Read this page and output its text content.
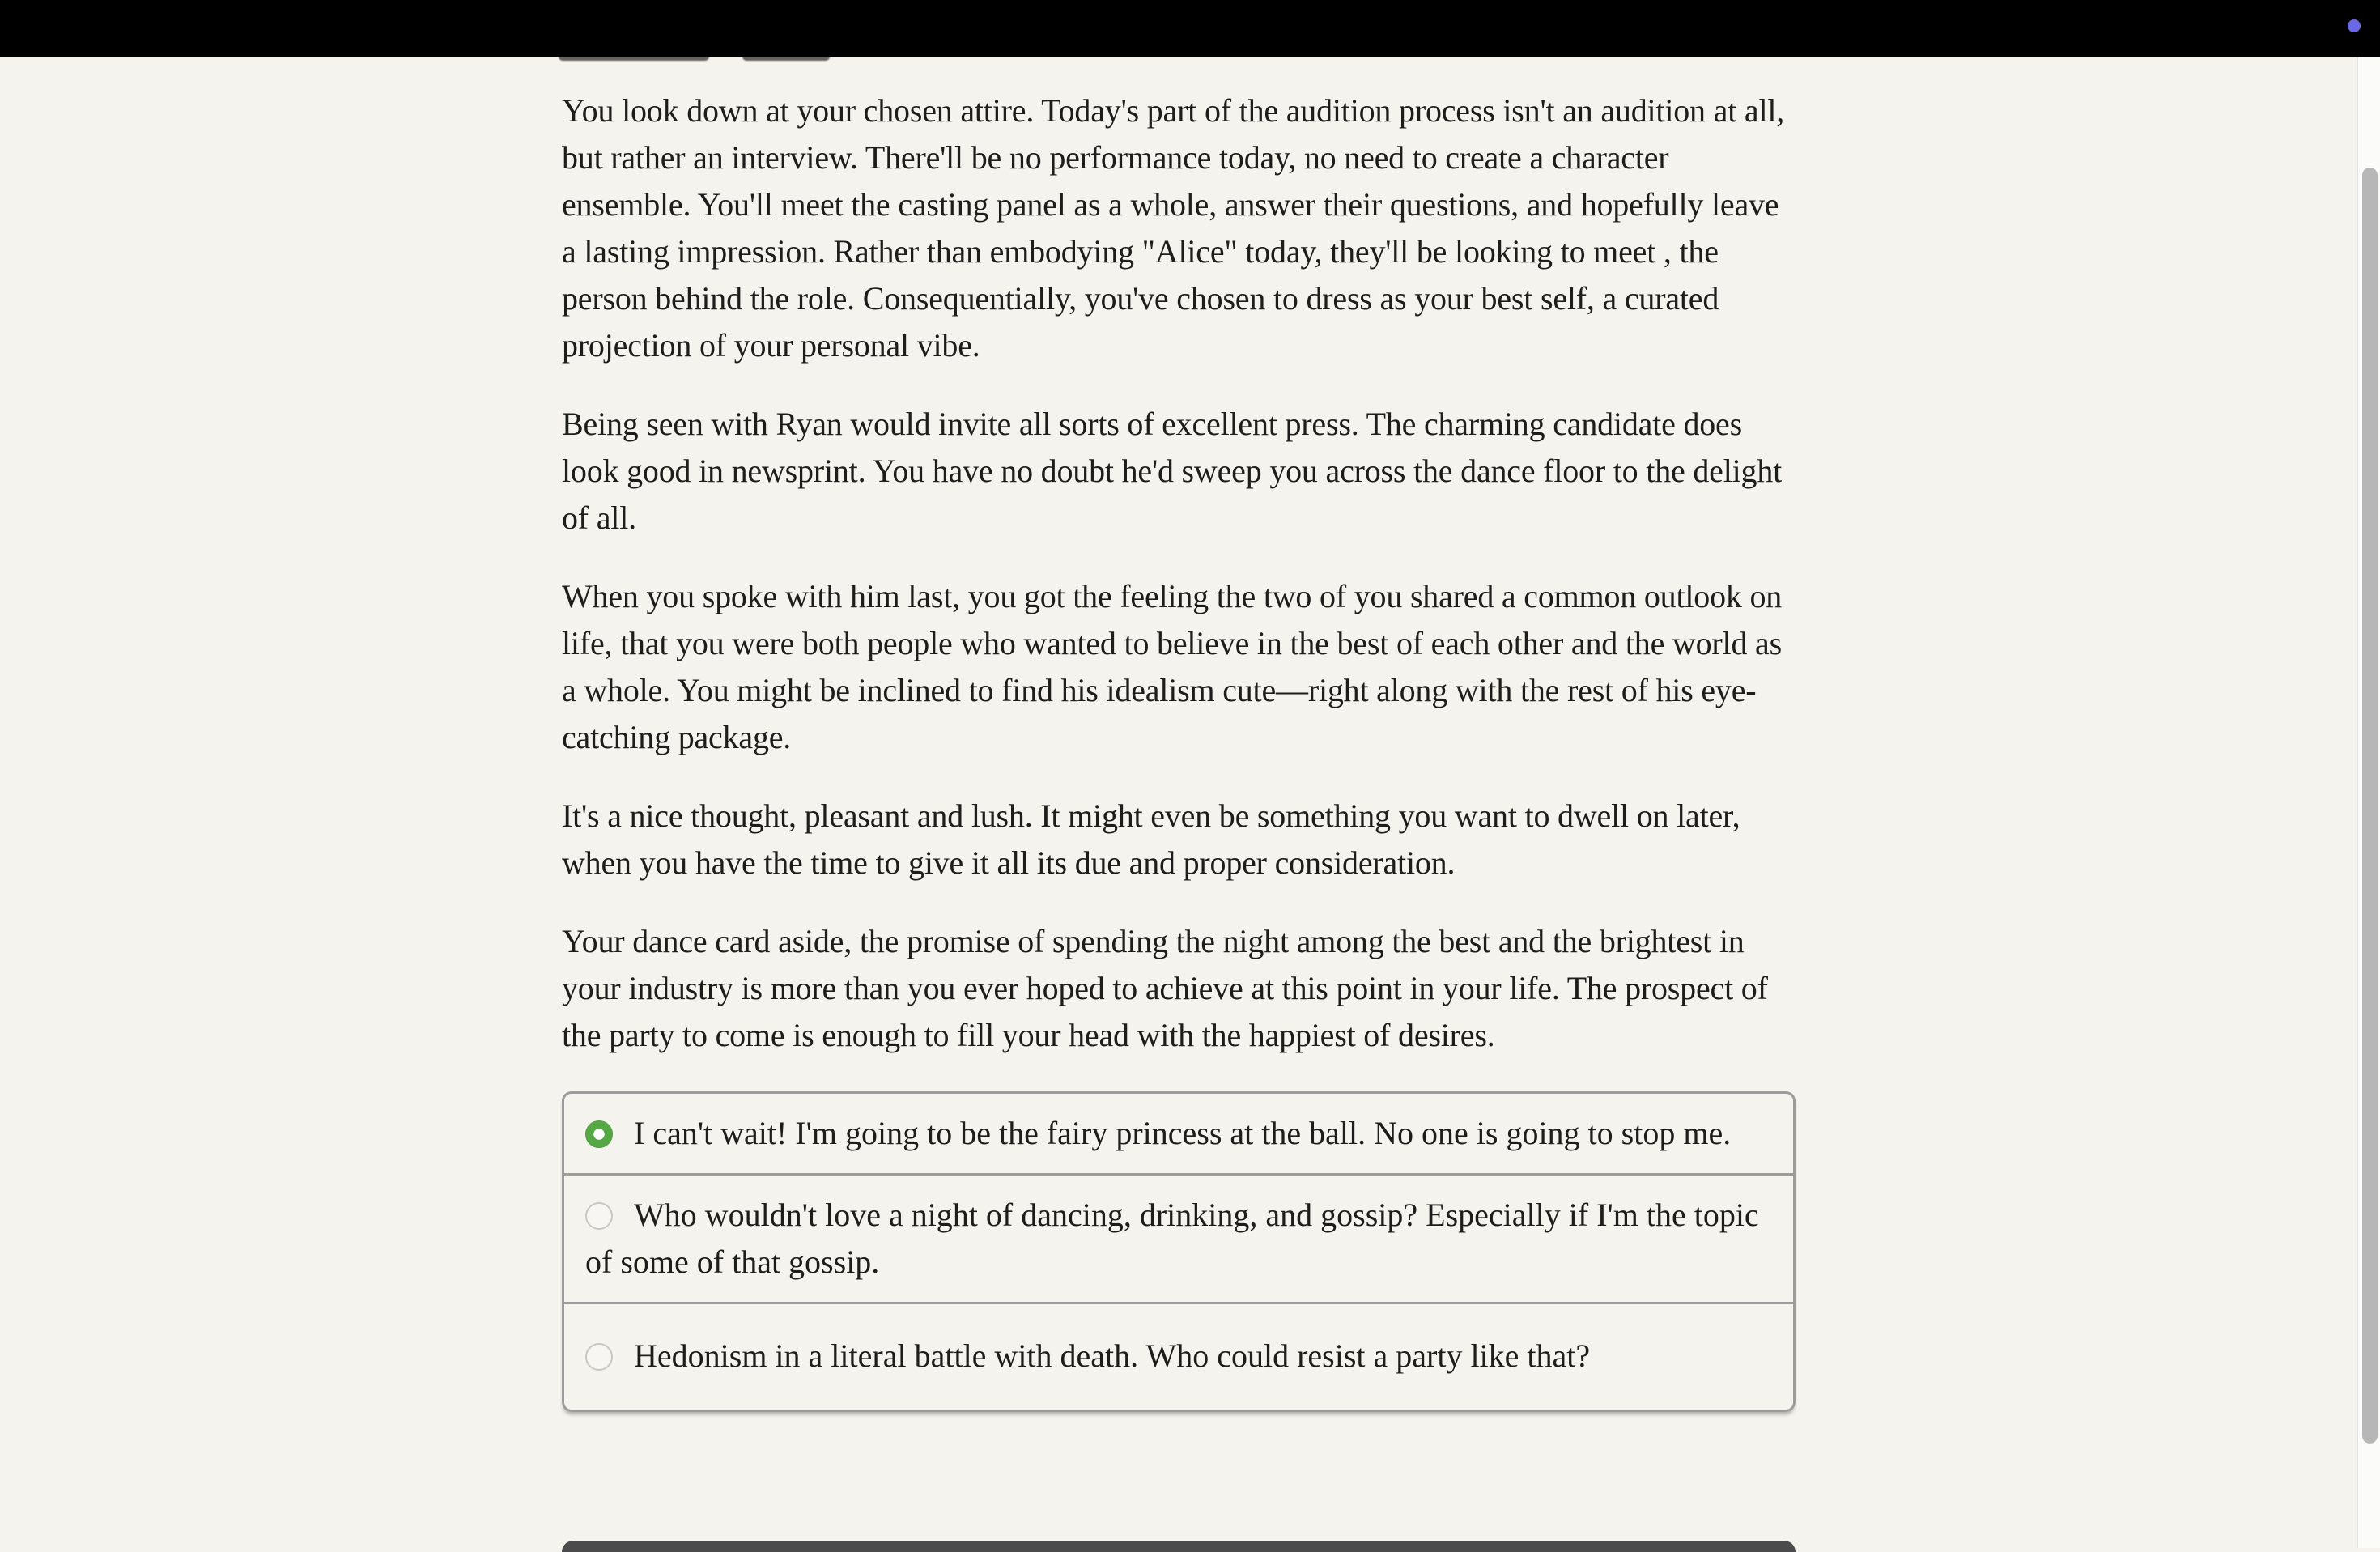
You look down at your chosen attire. Today's part of the audition process isn't an audition at all, but rather an interview. There'll be no performance today, no need to create a character ensemble. You'll meet the casting panel as a whole, answer their questions, and hopefully leave a lasting impression. Rather than embodying "Alice" today, they'll be looking to meet , the person behind the role. Consequentially, you've chosen to dress as your best self, a curated projection of your personal vibe.

Being seen with Ryan would invite all sorts of excellent press. The charming candidate does look good in newsprint. You have no doubt he'd sweep you across the dance floor to the delight of all.

When you spoke with him last, you got the feeling the two of you shared a common outlook on life, that you were both people who wanted to believe in the best of each other and the world as a whole. You might be inclined to find his idealism cute—right along with the rest of his eye-catching package.

It's a nice thought, pleasant and lush. It might even be something you want to dwell on later, when you have the time to give it all its due and proper consideration.

Your dance card aside, the promise of spending the night among the best and the brightest in your industry is more than you ever hoped to achieve at this point in your life. The prospect of the party to come is enough to fill your head with the happiest of desires.

I can't wait! I'm going to be the fairy princess at the ball. No one is going to stop me.
Who wouldn't love a night of dancing, drinking, and gossip? Especially if I'm the topic of some of that gossip.
Hedonism in a literal battle with death. Who could resist a party like that?
